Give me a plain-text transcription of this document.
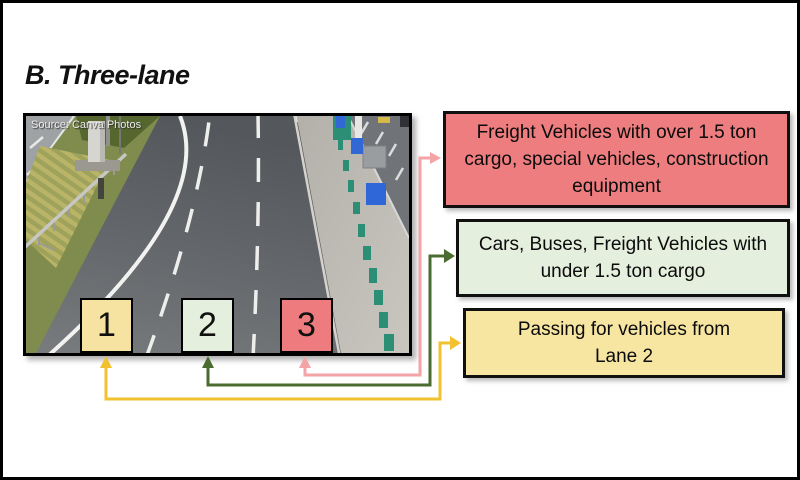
B. Three-lane
Source: Canva Photos
1 2 3
Freight Vehicles with over 1.5 ton cargo, special vehicles, construction equipment
Cars, Buses, Freight Vehicles with under 1.5 ton cargo
Passing for vehicles from Lane 2
